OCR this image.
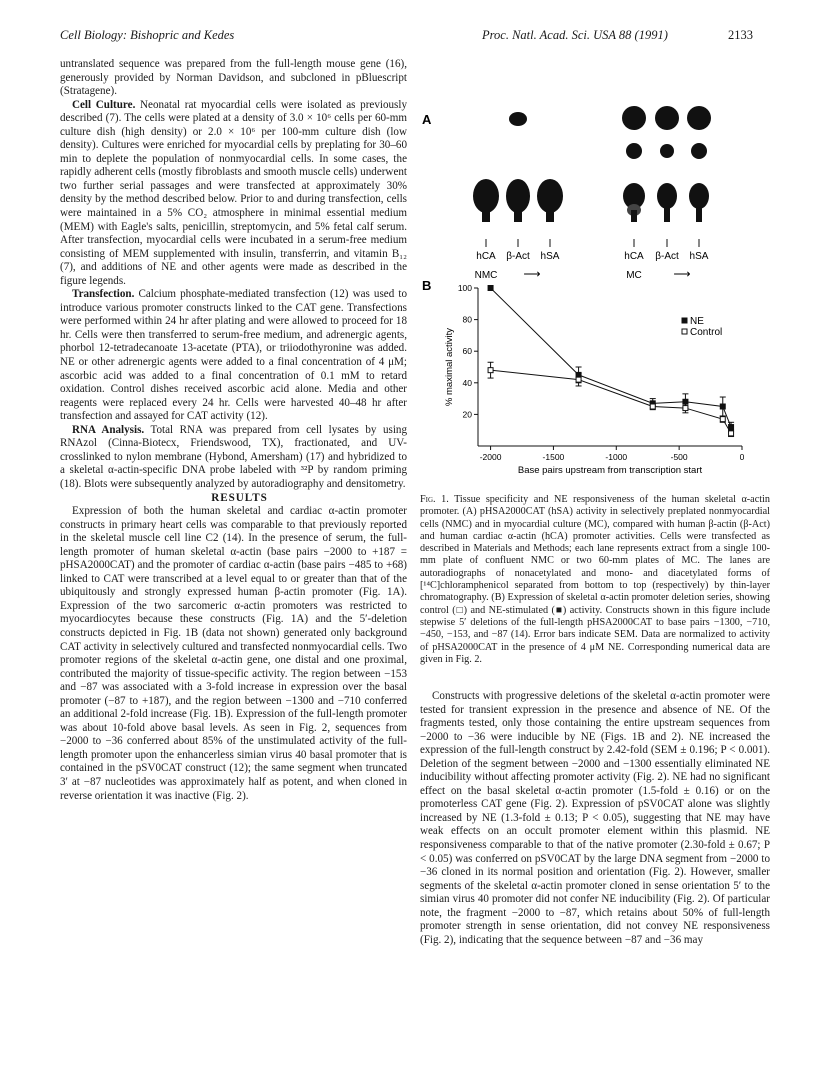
Cell Biology: Bishopric and Kedes	Proc. Natl. Acad. Sci. USA 88 (1991)	2133

untranslated sequence was prepared from the full-length mouse gene (16), generously provided by Norman Davidson, and subcloned in pBluescript (Stratagene).

Cell Culture. Neonatal rat myocardial cells were isolated as previously described (7). The cells were plated at a density of 3.0 × 10⁶ cells per 60-mm culture dish (high density) or 2.0 × 10⁶ per 100-mm culture dish (low density). Cultures were enriched for myocardial cells by preplating for 30–60 min to deplete the population of nonmyocardial cells. In some cases, the rapidly adherent cells (mostly fibroblasts and smooth muscle cells) underwent two further serial passages and were transfected at approximately 30% density by the method described below. Prior to and during transfection, cells were maintained in a 5% CO₂ atmosphere in minimal essential medium (MEM) with Eagle's salts, penicillin, streptomycin, and 5% fetal calf serum. After transfection, myocardial cells were incubated in a serum-free medium consisting of MEM supplemented with insulin, transferrin, and vitamin B₁₂ (7), and additions of NE and other agents were made as described in the figure legends.

Transfection. Calcium phosphate-mediated transfection (12) was used to introduce various promoter constructs linked to the CAT gene. Transfections were performed within 24 hr after plating and were allowed to proceed for 18 hr. Cells were then transferred to serum-free medium, and adrenergic agents, phorbol 12-tetradecanoate 13-acetate (PTA), or triiodothyronine was added. NE or other adrenergic agents were added to a final concentration of 4 μM; ascorbic acid was added to a final concentration of 0.1 mM to retard oxidation. Control dishes received ascorbic acid alone. Media and other reagents were replaced every 24 hr. Cells were harvested 40–48 hr after transfection and assayed for CAT activity (12).

RNA Analysis. Total RNA was prepared from cell lysates by using RNAzol (Cinna-Biotecx, Friendswood, TX), fractionated, and UV-crosslinked to nylon membrane (Hybond, Amersham) (17) and hybridized to a skeletal α-actin-specific DNA probe labeled with ³²P by random priming (18). Blots were subsequently analyzed by autoradiography and densitometry.

RESULTS

Expression of both the human skeletal and cardiac α-actin promoter constructs in primary heart cells was comparable to that previously reported in the skeletal muscle cell line C2 (14). In the presence of serum, the full-length promoter of human skeletal α-actin (base pairs −2000 to +187 = pHSA2000CAT) and the promoter of cardiac α-actin (base pairs −485 to +68) linked to CAT were transcribed at a level equal to or greater than that of the ubiquitously and strongly expressed human β-actin promoter (Fig. 1A). Expression of the two sarcomeric α-actin promoters was restricted to myocardiocytes because these constructs (Fig. 1A) and the 5′-deletion constructs depicted in Fig. 1B (data not shown) generated only background CAT activity in selectively cultured and transfected nonmyocardial cells. Two promoter regions of the skeletal α-actin gene, one distal and one proximal, contributed the majority of tissue-specific activity. The region between −153 and −87 was associated with a 3-fold increase in expression over the basal promoter (−87 to +187), and the region between −1300 and −710 conferred an additional 2-fold increase (Fig. 1B). Expression of the full-length promoter was about 10-fold above basal levels. As seen in Fig. 2, sequences from −2000 to −36 conferred about 85% of the unstimulated activity of the full-length promoter upon the enhancerless simian virus 40 basal promoter that is contained in the pSV0CAT construct (12); the same segment when truncated 3′ at −87 nucleotides was approximately half as potent, and when cloned in reverse orientation it was inactive (Fig. 2).

A
hCA β-Act hSA
NMC ⟶
hCA β-Act hSA
MC	⟶
B
-2000	-1500	-1000	-500	0
20
40
60
80
100
Base pairs upstream from transcription start
% maximal activity
NE
Control
Fig. 1. Tissue specificity and NE responsiveness of the human skeletal α-actin promoter. (A) pHSA2000CAT (hSA) activity in selectively preplated nonmyocardial cells (NMC) and in myocardial culture (MC), compared with human β-actin (β-Act) and human cardiac α-actin (hCA) promoter activities. Cells were transfected as described in Materials and Methods; each lane represents extract from a single 100-mm plate of confluent NMC or two 60-mm plates of MC. The lanes are autoradiographs of nonacetylated and mono- and diacetylated forms of [¹⁴C]chloramphenicol separated from bottom to top (respectively) by thin-layer chromatography. (B) Expression of skeletal α-actin promoter deletion series, showing control (□) and NE-stimulated (■) activity. Constructs shown in this figure include stepwise 5′ deletions of the full-length pHSA2000CAT to base pairs −1300, −710, −450, −153, and −87 (14). Error bars indicate SEM. Data are normalized to activity of pHSA2000CAT in the presence of 4 μM NE. Corresponding numerical data are given in Fig. 2.

Constructs with progressive deletions of the skeletal α-actin promoter were tested for transient expression in the presence and absence of NE. Of the fragments tested, only those containing the entire upstream sequences from −2000 to −36 were inducible by NE (Figs. 1B and 2). NE increased the expression of the full-length construct by 2.42-fold (SEM ± 0.196; P < 0.001). Deletion of the segment between −2000 and −1300 essentially eliminated NE inducibility without affecting promoter activity (Fig. 2). NE had no significant effect on the basal skeletal α-actin promoter (1.5-fold ± 0.16) or on the promoterless CAT gene (Fig. 2). Expression of pSV0CAT alone was slightly increased by NE (1.3-fold ± 0.13; P < 0.05), suggesting that NE may have weak effects on an occult promoter element within this plasmid. NE responsiveness comparable to that of the native promoter (2.30-fold ± 0.67; P < 0.05) was conferred on pSV0CAT by the large DNA segment from −2000 to −36 cloned in its normal position and orientation (Fig. 2). However, smaller segments of the skeletal α-actin promoter cloned in sense orientation 5′ to the simian virus 40 promoter did not confer NE inducibility (Fig. 2). Of particular note, the fragment −2000 to −87, which retains about 50% of full-length promoter strength in sense orientation, did not convey NE responsiveness (Fig. 2), indicating that the sequence between −87 and −36 may
